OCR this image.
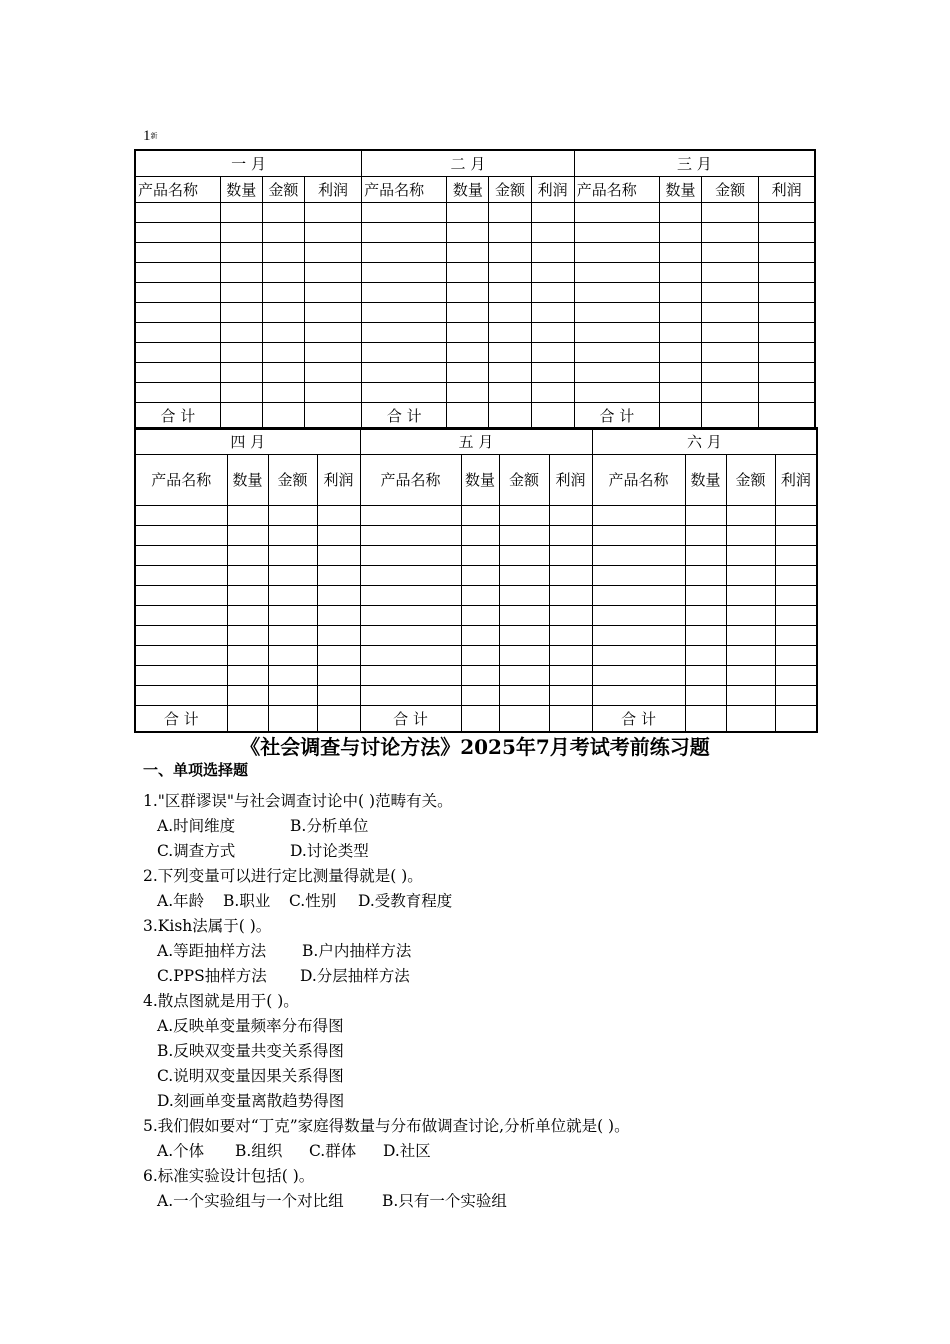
1新
一 月				二 月				三 月			
产品名称	数量	金额	利润	产品名称	数量	金额	利润	产品名称	数量	金额	利润

合 计				合 计				合 计			
四 月				五 月				六 月			
产品名称	数量	金额	利润	产品名称	数量	金额	利润	产品名称	数量	金额	利润

合 计				合 计				合 计			
《社会调查与讨论方法》2025年7月考试考前练习题
一、单项选择题
1."区群谬误"与社会调查讨论中( )范畴有关。
A.时间维度	B.分析单位
C.调查方式	D.讨论类型
2.下列变量可以进行定比测量得就是( )。
A.年龄 B.职业 C.性别 D.受教育程度
3.Kish法属于( )。
A.等距抽样方法 B.户内抽样方法
C.PPS抽样方法 D.分层抽样方法
4.散点图就是用于( )。
A.反映单变量频率分布得图
B.反映双变量共变关系得图
C.说明双变量因果关系得图
D.刻画单变量离散趋势得图
5.我们假如要对“丁克”家庭得数量与分布做调查讨论,分析单位就是( )。
A.个体 B.组织 C.群体 D.社区
6.标准实验设计包括( )。
A.一个实验组与一个对比组 B.只有一个实验组
